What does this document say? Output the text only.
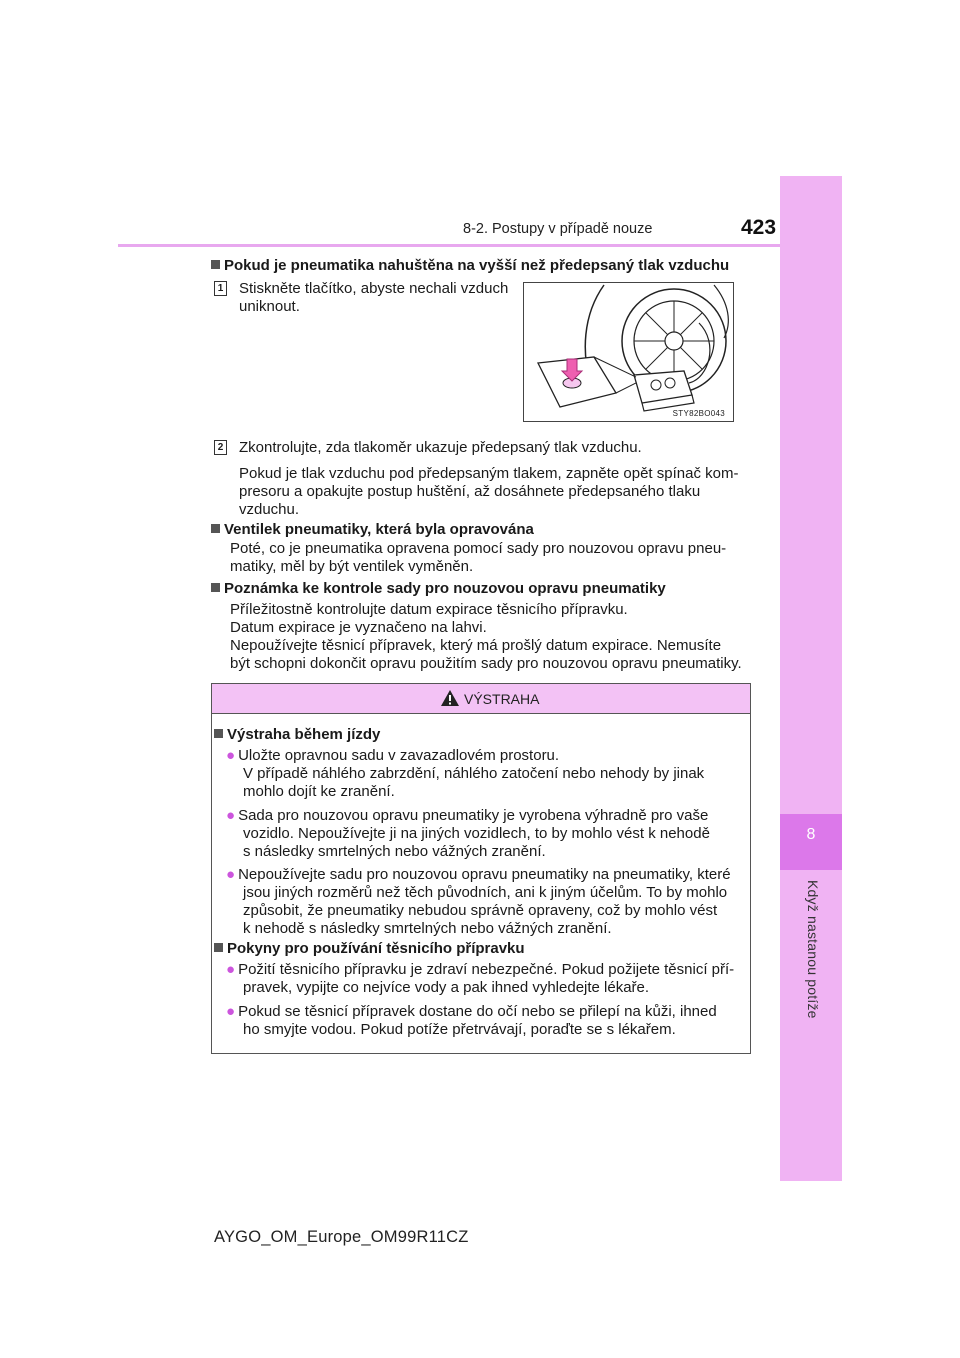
8-2. Postupy v případě nouze	423
8
Když nastanou potíže
Pokud je pneumatika nahuštěna na vyšší než předepsaný tlak vzduchu
1 Stiskněte tlačítko, abyste nechali vzduch
uniknout.
STY82BO043
2 Zkontrolujte, zda tlakoměr ukazuje předepsaný tlak vzduchu.
Pokud je tlak vzduchu pod předepsaným tlakem, zapněte opět spínač kom-
presoru a opakujte postup huštění, až dosáhnete předepsaného tlaku
vzduchu.
Ventilek pneumatiky, která byla opravována
Poté, co je pneumatika opravena pomocí sady pro nouzovou opravu pneu-
matiky, měl by být ventilek vyměněn.
Poznámka ke kontrole sady pro nouzovou opravu pneumatiky
Příležitostně kontrolujte datum expirace těsnicího přípravku.
Datum expirace je vyznačeno na lahvi.
Nepoužívejte těsnicí přípravek, který má prošlý datum expirace. Nemusíte
být schopni dokončit opravu použitím sady pro nouzovou opravu pneumatiky.
VÝSTRAHA
Výstraha během jízdy
● Uložte opravnou sadu v zavazadlovém prostoru.
V případě náhlého zabrzdění, náhlého zatočení nebo nehody by jinak
mohlo dojít ke zranění.
● Sada pro nouzovou opravu pneumatiky je vyrobena výhradně pro vaše
vozidlo. Nepoužívejte ji na jiných vozidlech, to by mohlo vést k nehodě
s následky smrtelných nebo vážných zranění.
● Nepoužívejte sadu pro nouzovou opravu pneumatiky na pneumatiky, které
jsou jiných rozměrů než těch původních, ani k jiným účelům. To by mohlo
způsobit, že pneumatiky nebudou správně opraveny, což by mohlo vést
k nehodě s následky smrtelných nebo vážných zranění.
Pokyny pro používání těsnicího přípravku
● Požití těsnicího přípravku je zdraví nebezpečné. Pokud požijete těsnicí pří-
pravek, vypijte co nejvíce vody a pak ihned vyhledejte lékaře.
● Pokud se těsnicí přípravek dostane do očí nebo se přilepí na kůži, ihned
ho smyjte vodou. Pokud potíže přetrvávají, poraďte se s lékařem.
AYGO_OM_Europe_OM99R11CZ
